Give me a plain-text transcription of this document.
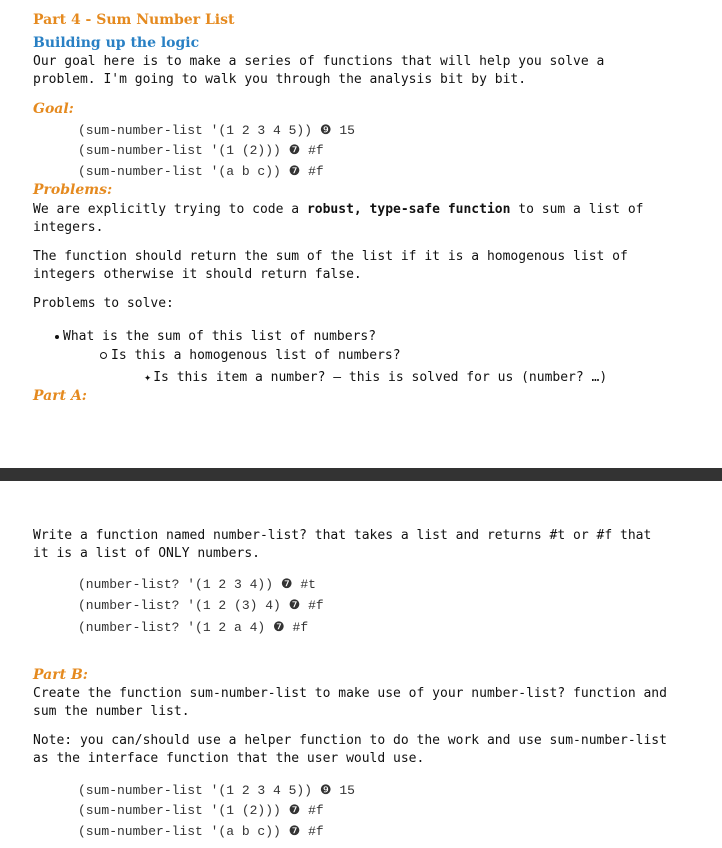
Part 4 - Sum Number List
Building up the logic
Our goal here is to make a series of functions that will help you solve a
problem. I'm going to walk you through the analysis bit by bit.
Goal:
(sum-number-list '(1 2 3 4 5)) ❾ 15
(sum-number-list '(1 (2))) ❼ #f
(sum-number-list '(a b c)) ❼ #f
Problems:
We are explicitly trying to code a robust, type-safe function to sum a list of
integers.
The function should return the sum of the list if it is a homogenous list of
integers otherwise it should return false.
Problems to solve:
What is the sum of this list of numbers?
Is this a homogenous list of numbers?
✦ Is this item a number? – this is solved for us (number? …)
Part A:
Write a function named number-list? that takes a list and returns #t or #f that
it is a list of ONLY numbers.
(number-list? '(1 2 3 4)) ❼ #t
(number-list? '(1 2 (3) 4) ❼ #f
(number-list? '(1 2 a 4) ❼ #f
Part B:
Create the function sum-number-list to make use of your number-list? function and
sum the number list.
Note: you can/should use a helper function to do the work and use sum-number-list
as the interface function that the user would use.
(sum-number-list '(1 2 3 4 5)) ❾ 15
(sum-number-list '(1 (2))) ❼ #f
(sum-number-list '(a b c)) ❼ #f
